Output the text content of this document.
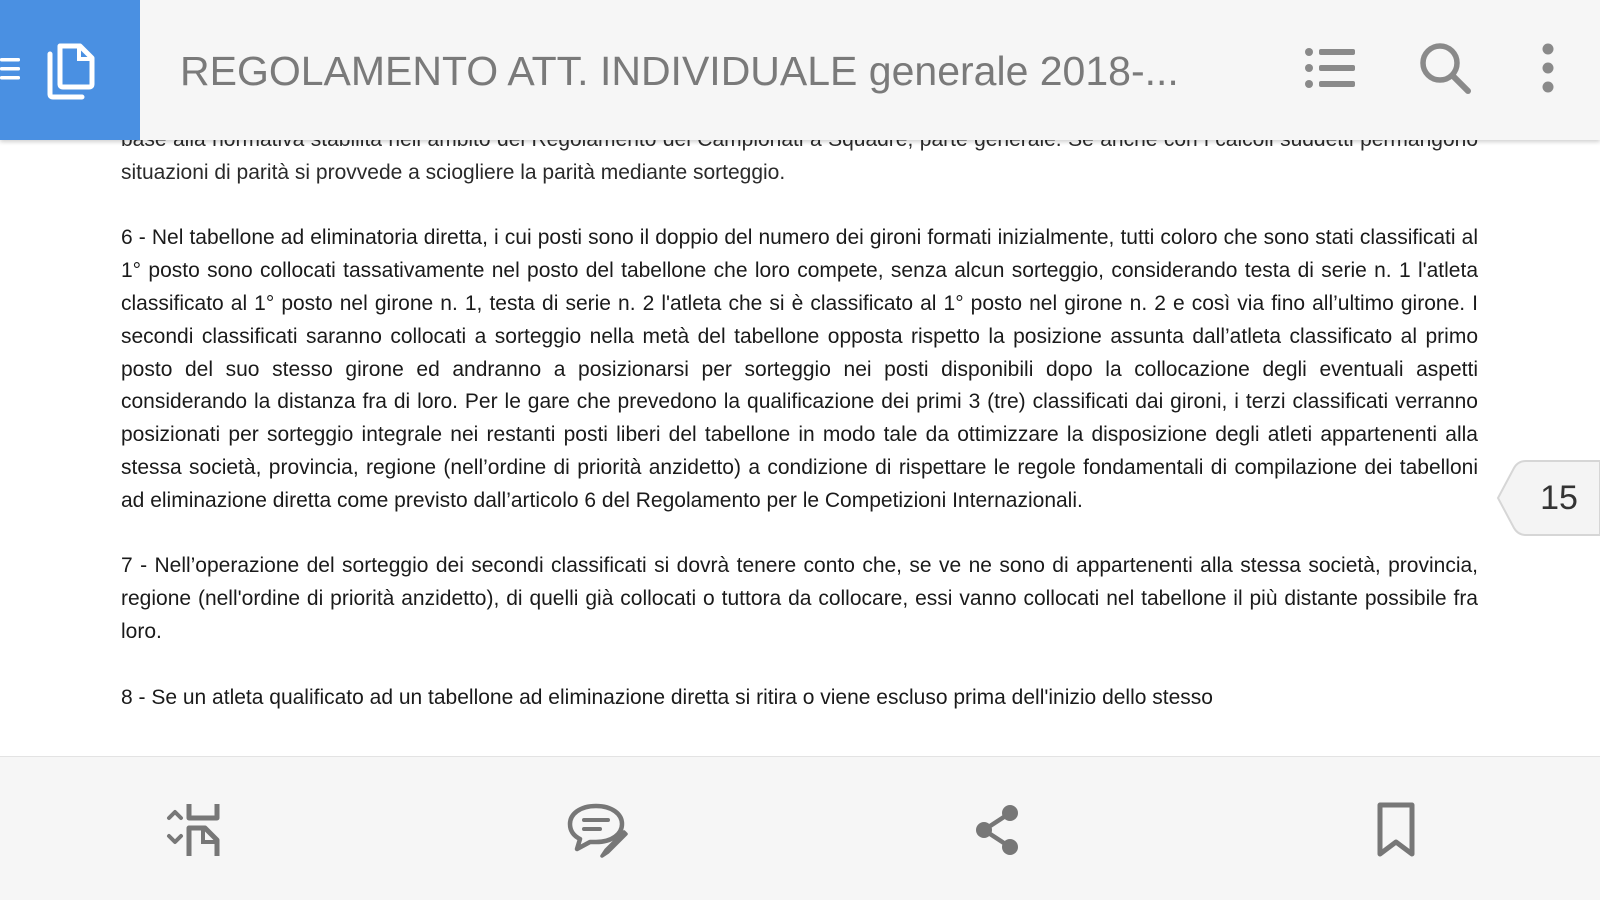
REGOLAMENTO ATT. INDIVIDUALE generale 2018-...

situazioni di parità si provvede a sciogliere la parità mediante sorteggio.

6 - Nel tabellone ad eliminatoria diretta, i cui posti sono il doppio del numero dei gironi formati inizialmente, tutti coloro che sono stati classificati al 1° posto sono collocati tassativamente nel posto del tabellone che loro compete, senza alcun sorteggio, considerando testa di serie n. 1 l'atleta classificato al 1° posto nel girone n. 1, testa di serie n. 2 l'atleta che si è classificato al 1° posto nel girone n. 2 e così via fino all’ultimo girone. I secondi classificati saranno collocati a sorteggio nella metà del tabellone opposta rispetto la posizione assunta dall’atleta classificato al primo posto del suo stesso girone ed andranno a posizionarsi per sorteggio nei posti disponibili dopo la collocazione degli eventuali aspetti considerando la distanza fra di loro. Per le gare che prevedono la qualificazione dei primi 3 (tre) classificati dai gironi, i terzi classificati verranno posizionati per sorteggio integrale nei restanti posti liberi del tabellone in modo tale da ottimizzare la disposizione degli atleti appartenenti alla stessa società, provincia, regione (nell’ordine di priorità anzidetto) a condizione di rispettare le regole fondamentali di compilazione dei tabelloni ad eliminazione diretta come previsto dall’articolo 6 del Regolamento per le Competizioni Internazionali.

7 - Nell’operazione del sorteggio dei secondi classificati si dovrà tenere conto che, se ve ne sono di appartenenti alla stessa società, provincia, regione (nell'ordine di priorità anzidetto), di quelli già collocati o tuttora da collocare, essi vanno collocati nel tabellone il più distante possibile fra loro.

8 - Se un atleta qualificato ad un tabellone ad eliminazione diretta si ritira o viene escluso prima dell'inizio dello stesso

15
